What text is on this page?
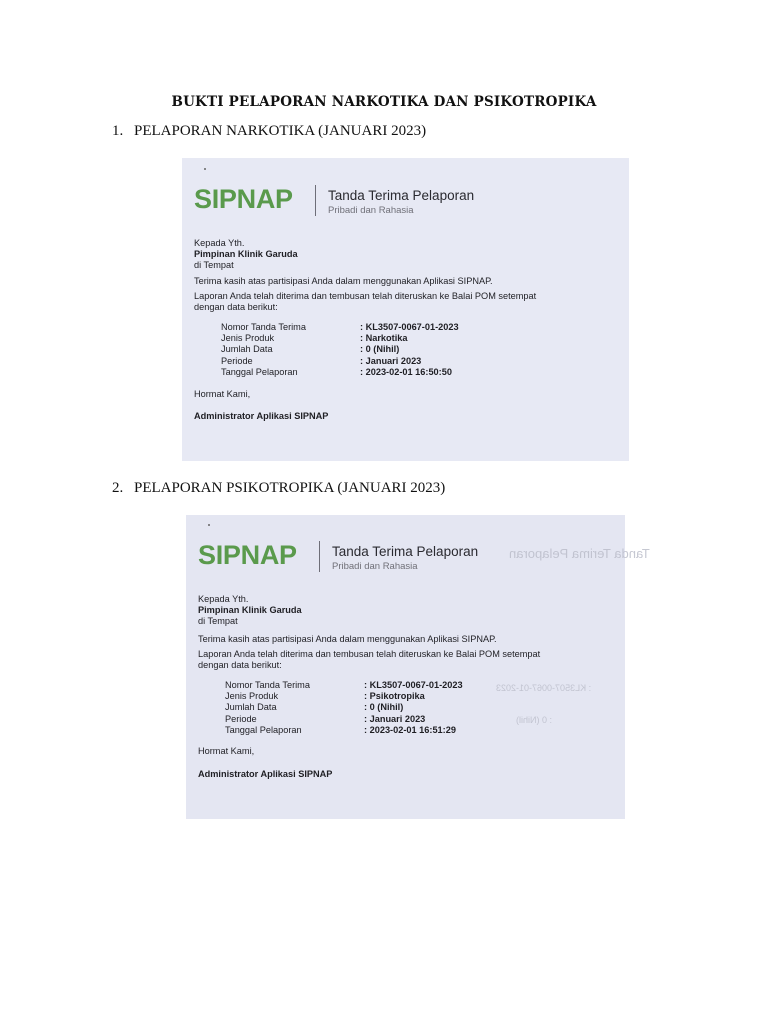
BUKTI PELAPORAN NARKOTIKA DAN PSIKOTROPIKA
1. PELAPORAN NARKOTIKA (JANUARI 2023)
SIPNAP	Tanda Terima Pelaporan
Pribadi dan Rahasia
Kepada Yth.
Pimpinan Klinik Garuda
di Tempat
Terima kasih atas partisipasi Anda dalam menggunakan Aplikasi SIPNAP.
Laporan Anda telah diterima dan tembusan telah diteruskan ke Balai POM setempat
dengan data berikut:
Nomor Tanda Terima	: KL3507-0067-01-2023
Jenis Produk	: Narkotika
Jumlah Data	: 0 (Nihil)
Periode	: Januari 2023
Tanggal Pelaporan	: 2023-02-01 16:50:50
Hormat Kami,
Administrator Aplikasi SIPNAP
2. PELAPORAN PSIKOTROPIKA (JANUARI 2023)
Tanda Terima Pelaporan
: KL3507-0067-01-2023
: 0 (Nihil)
SIPNAP	Tanda Terima Pelaporan
Pribadi dan Rahasia
Kepada Yth.
Pimpinan Klinik Garuda
di Tempat
Terima kasih atas partisipasi Anda dalam menggunakan Aplikasi SIPNAP.
Laporan Anda telah diterima dan tembusan telah diteruskan ke Balai POM setempat
dengan data berikut:
Nomor Tanda Terima	: KL3507-0067-01-2023
Jenis Produk	: Psikotropika
Jumlah Data	: 0 (Nihil)
Periode	: Januari 2023
Tanggal Pelaporan	: 2023-02-01 16:51:29
Hormat Kami,
Administrator Aplikasi SIPNAP
